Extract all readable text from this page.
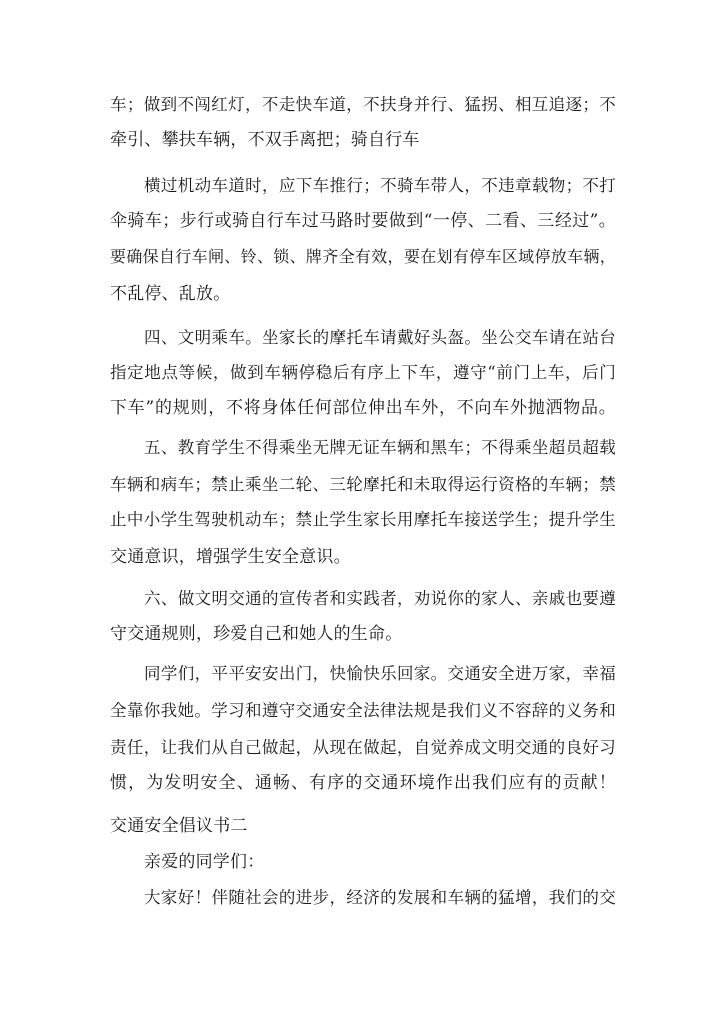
车；做到不闯红灯，不走快车道，不扶身并行、猛拐、相互追逐；不
牵引、攀扶车辆，不双手离把；骑自行车
横过机动车道时，应下车推行；不骑车带人，不违章载物；不打
伞骑车；步行或骑自行车过马路时要做到“一停、二看、三经过”。
要确保自行车闸、铃、锁、牌齐全有效，要在划有停车区域停放车辆，
不乱停、乱放。
四、文明乘车。坐家长的摩托车请戴好头盔。坐公交车请在站台
指定地点等候，做到车辆停稳后有序上下车，遵守“前门上车，后门
下车”的规则，不将身体任何部位伸出车外，不向车外抛洒物品。
五、教育学生不得乘坐无牌无证车辆和黑车；不得乘坐超员超载
车辆和病车；禁止乘坐二轮、三轮摩托和未取得运行资格的车辆；禁
止中小学生驾驶机动车；禁止学生家长用摩托车接送学生；提升学生
交通意识，增强学生安全意识。
六、做文明交通的宣传者和实践者，劝说你的家人、亲戚也要遵
守交通规则，珍爱自己和她人的生命。
同学们，平平安安出门，快愉快乐回家。交通安全进万家，幸福
全靠你我她。学习和遵守交通安全法律法规是我们义不容辞的义务和
责任，让我们从自己做起，从现在做起，自觉养成文明交通的良好习
惯，为发明安全、通畅、有序的交通环境作出我们应有的贡献！
交通安全倡议书二
亲爱的同学们：
大家好！伴随社会的进步，经济的发展和车辆的猛增，我们的交
